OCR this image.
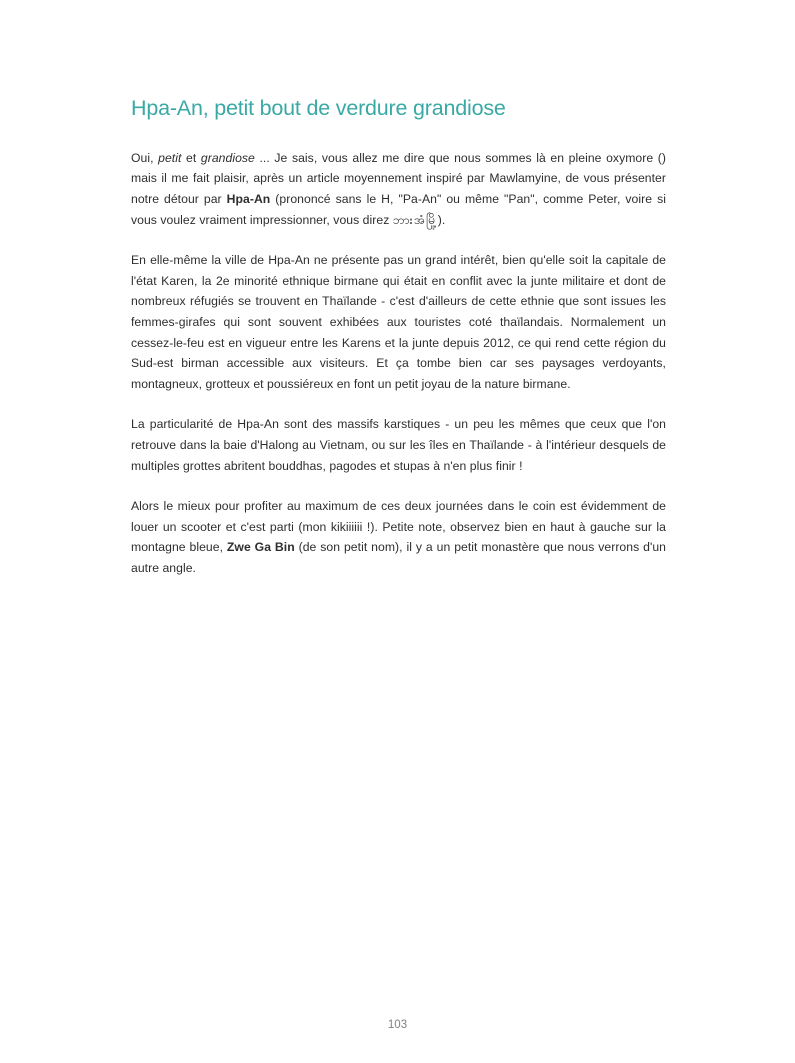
Hpa-An, petit bout de verdure grandiose

Oui, petit et grandiose ... Je sais, vous allez me dire que nous sommes là en pleine oxymore () mais il me fait plaisir, après un article moyennement inspiré par Mawlamyine, de vous présenter notre détour par Hpa-An (prononcé sans le H, "Pa-An" ou même "Pan", comme Peter, voire si vous voulez vraiment impressionner, vous direz ဘားအံမြို့).

En elle-même la ville de Hpa-An ne présente pas un grand intérêt, bien qu'elle soit la capitale de l'état Karen, la 2e minorité ethnique birmane qui était en conflit avec la junte militaire et dont de nombreux réfugiés se trouvent en Thaïlande - c'est d'ailleurs de cette ethnie que sont issues les femmes-girafes qui sont souvent exhibées aux touristes coté thaïlandais. Normalement un cessez-le-feu est en vigueur entre les Karens et la junte depuis 2012, ce qui rend cette région du Sud-est birman accessible aux visiteurs. Et ça tombe bien car ses paysages verdoyants, montagneux, grotteux et poussiéreux en font un petit joyau de la nature birmane.

La particularité de Hpa-An sont des massifs karstiques - un peu les mêmes que ceux que l'on retrouve dans la baie d'Halong au Vietnam, ou sur les îles en Thaïlande - à l'intérieur desquels de multiples grottes abritent bouddhas, pagodes et stupas à n'en plus finir !

Alors le mieux pour profiter au maximum de ces deux journées dans le coin est évidemment de louer un scooter et c'est parti (mon kikiiiiii !). Petite note, observez bien en haut à gauche sur la montagne bleue, Zwe Ga Bin (de son petit nom), il y a un petit monastère que nous verrons d'un autre angle.

103
